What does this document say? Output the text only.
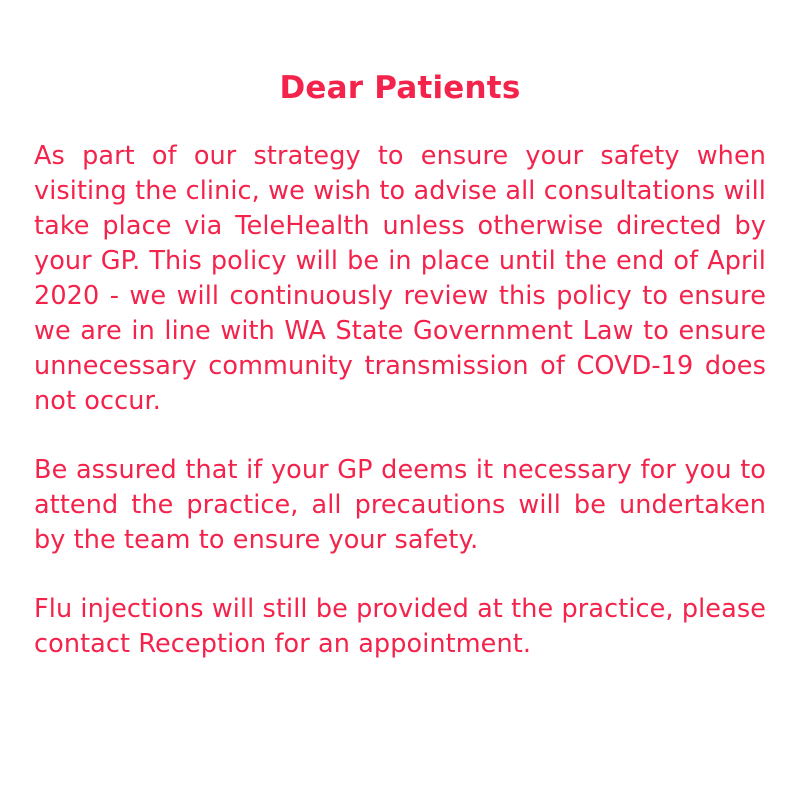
Dear Patients

As part of our strategy to ensure your safety when visiting the clinic, we wish to advise all consultations will take place via TeleHealth unless otherwise directed by your GP. This policy will be in place until the end of April 2020 - we will continuously review this policy to ensure we are in line with WA State Government Law to ensure unnecessary community transmission of COVD-19 does not occur.

Be assured that if your GP deems it necessary for you to attend the practice, all precautions will be undertaken by the team to ensure your safety.

Flu injections will still be provided at the practice, please contact Reception for an appointment.
